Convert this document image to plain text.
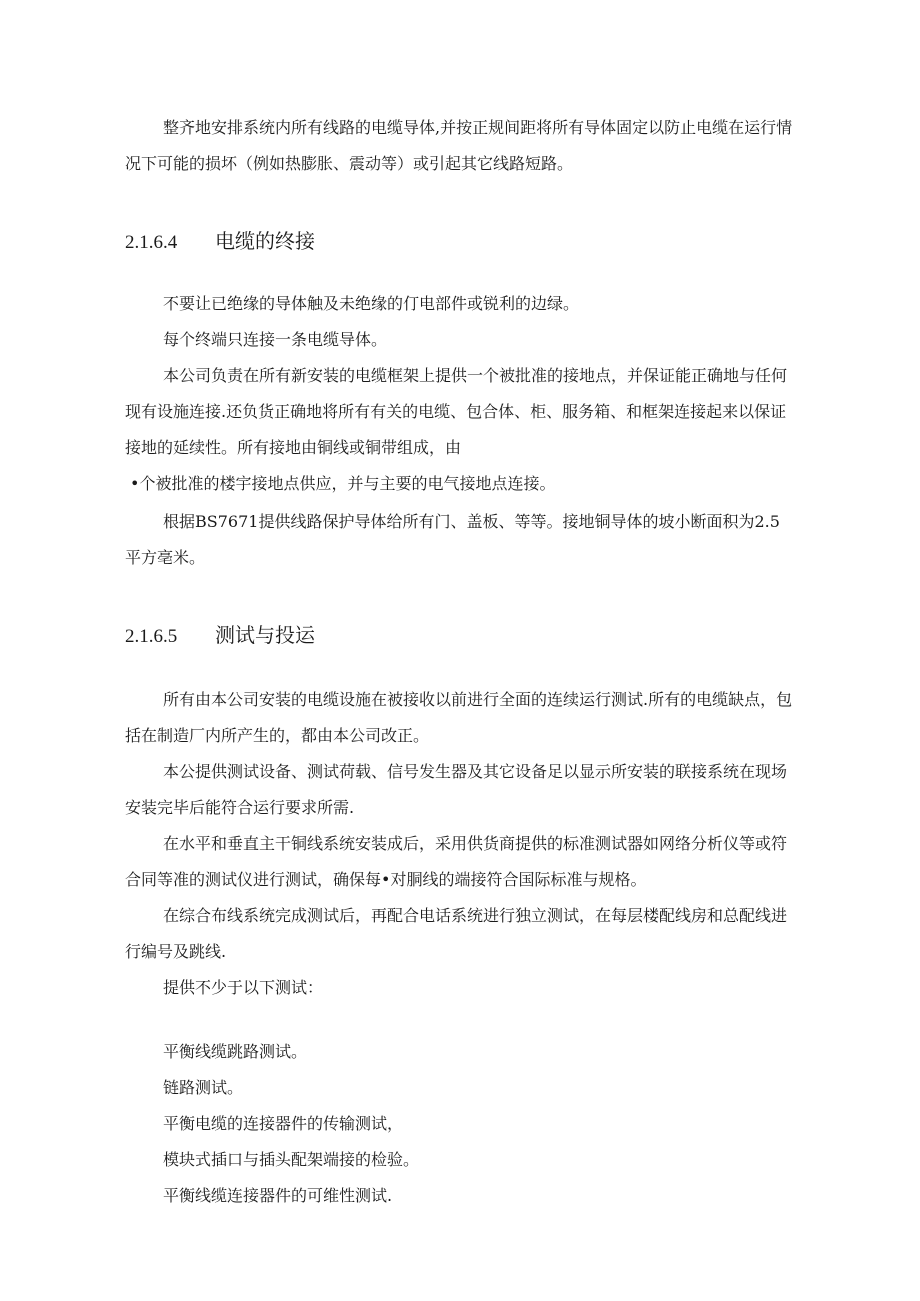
整齐地安排系统内所有线路的电缆导体,并按正规间距将所有导体固定以防止电缆在运行情况下可能的损坏（例如热膨胀、震动等）或引起其它线路短路。

2.1.6.4 电缆的终接

不要让已绝缘的导体触及未绝缘的仃电部件或锐利的边绿。

每个终端只连接一条电缆导体。

本公司负责在所有新安装的电缆框架上提供一个被批准的接地点，并保证能正确地与任何现有设施连接.还负货正确地将所有有关的电缆、包合体、柜、服务箱、和框架连接起来以保证接地的延续性。所有接地由铜线或铜带组成，由

•个被批准的楼宇接地点供应，并与主要的电气接地点连接。

根据BS7671提供线路保护导体给所有门、盖板、等等。接地铜导体的坡小断面积为2.5平方亳米。

2.1.6.5 测试与投运

所有由本公司安装的电缆设施在被接收以前进行全面的连续运行测试.所有的电缆缺点，包括在制造厂内所产生的，都由本公司改正。

本公提供测试设备、测试荷载、信号发生器及其它设备足以显示所安装的联接系统在现场安装完毕后能符合运行要求所需.

在水平和垂直主干铜线系统安装成后，采用供货商提供的标准测试器如网络分析仪等或符合同等准的测试仪进行测试，确保每•对胴线的端接符合国际标准与规格。

在综合布线系统完成测试后，再配合电话系统进行独立测试，在每层楼配线房和总配线进行编号及跳线.

提供不少于以下测试：

平衡线缆跳路测试。

链路测试。

平衡电缆的连接器件的传输测试，

模块式插口与插头配架端接的检验。

平衡线缆连接器件的可维性测试.
